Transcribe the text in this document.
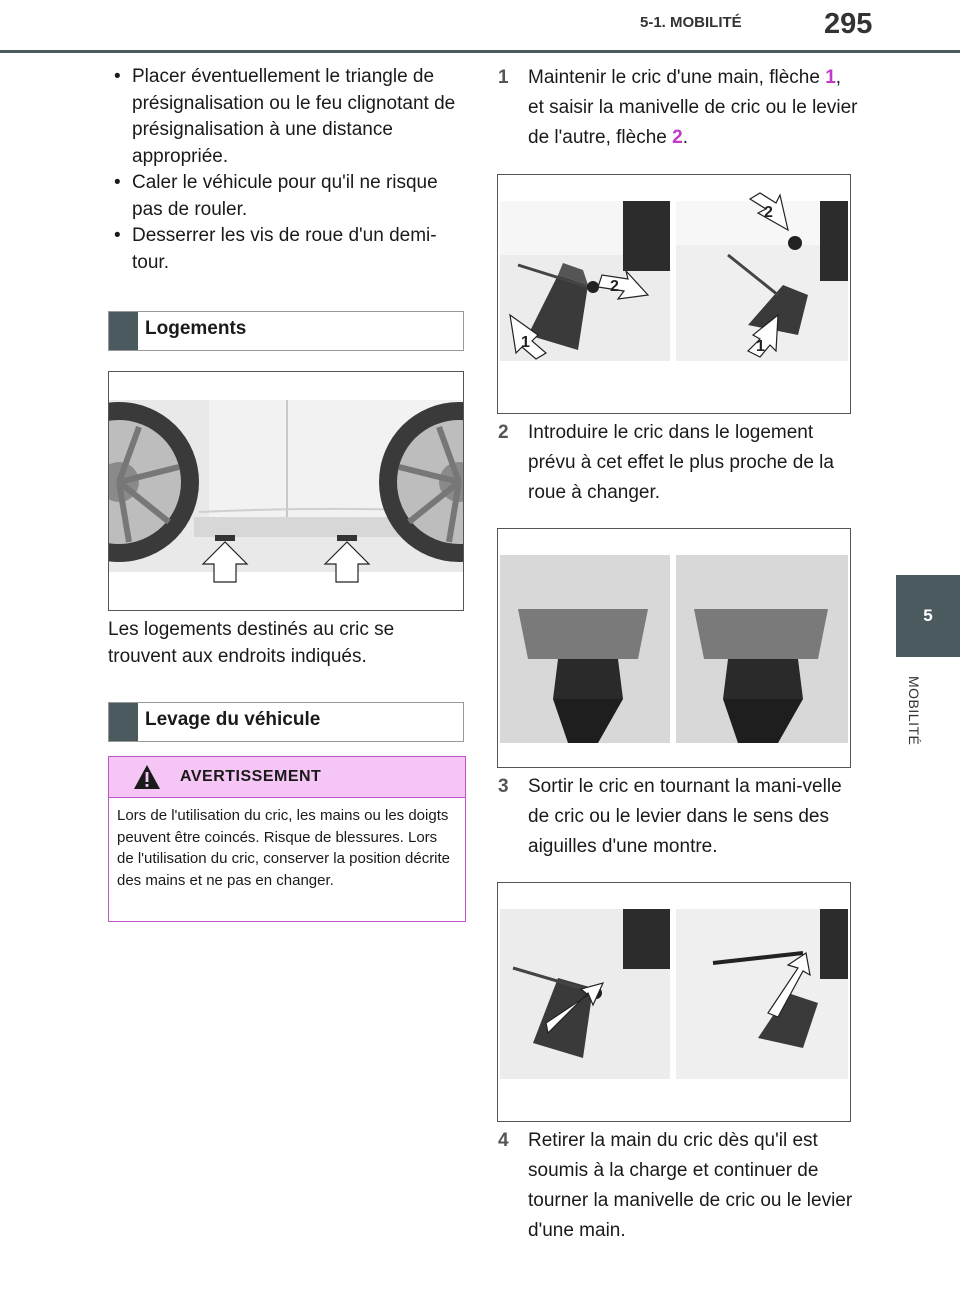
5-1. MOBILITÉ	295
5
MOBILITÉ
• Placer éventuellement le triangle de présignalisation ou le feu clignotant de présignalisation à une distance appropriée.
• Caler le véhicule pour qu'il ne risque pas de rouler.
• Desserrer les vis de roue d'un demi-tour.
Logements
Les logements destinés au cric se trouvent aux endroits indiqués.
Levage du véhicule
AVERTISSEMENT
Lors de l'utilisation du cric, les mains ou les doigts peuvent être coincés. Risque de blessures. Lors de l'utilisation du cric, conserver la position décrite des mains et ne pas en changer.
1	Maintenir le cric d'une main, flèche 1, et saisir la manivelle de cric ou le levier de l'autre, flèche 2.
1
2
2
1
2	Introduire le cric dans le logement prévu à cet effet le plus proche de la roue à changer.
3	Sortir le cric en tournant la mani-velle de cric ou le levier dans le sens des aiguilles d'une montre.
4	Retirer la main du cric dès qu'il est soumis à la charge et continuer de tourner la manivelle de cric ou le levier d'une main.
